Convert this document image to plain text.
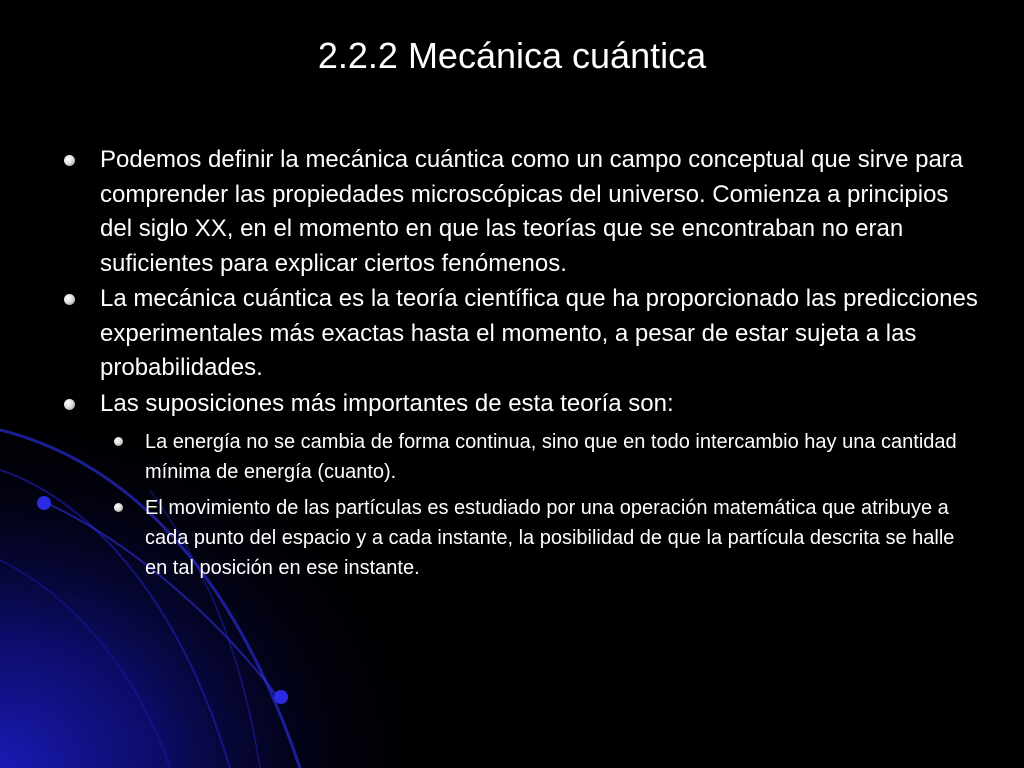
2.2.2 Mecánica cuántica
Podemos definir la mecánica cuántica como un campo conceptual que sirve para comprender las propiedades microscópicas del universo. Comienza a principios del siglo XX, en el momento en que las teorías que se encontraban no eran suficientes para explicar ciertos fenómenos.
La mecánica cuántica es la teoría científica que ha proporcionado las predicciones experimentales más exactas hasta el momento, a pesar de estar sujeta a las probabilidades.
Las suposiciones más importantes de esta teoría son:
La energía no se cambia de forma continua, sino que en todo intercambio hay una cantidad mínima de energía (cuanto).
El movimiento de las partículas es estudiado por una operación matemática que atribuye a cada punto del espacio y a cada instante, la posibilidad de que la partícula descrita se halle en tal posición en ese instante.
